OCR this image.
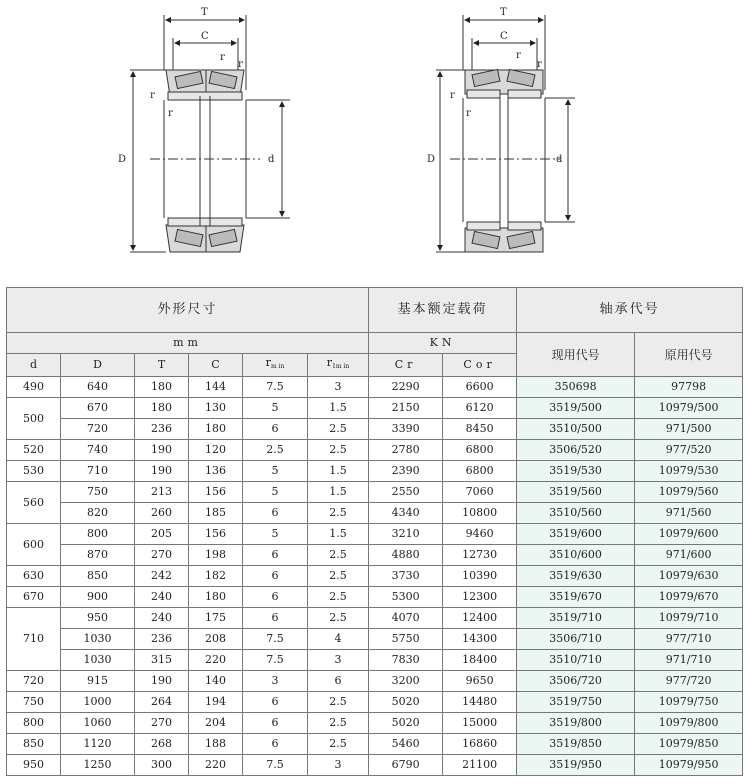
T
C
r
r
r
r
D	d
T
C
r
r
r
r
D	d
外形尺寸						基本额定载荷		轴承代号	
mm						KN		现用代号	原用代号
d	D	T	C	$r_{m in}$	$r_{1m in}$	Cr	Cor		
490	640	180	144	7.5	3	2290	6600	350698	97798
500	670	180	130	5	1.5	2150	6120	3519/500	10979/500
	720	236	180	6	2.5	3390	8450	3510/500	971/500
520	740	190	120	2.5	2.5	2780	6800	3506/520	977/520
530	710	190	136	5	1.5	2390	6800	3519/530	10979/530
560	750	213	156	5	1.5	2550	7060	3519/560	10979/560
	820	260	185	6	2.5	4340	10800	3510/560	971/560
600	800	205	156	5	1.5	3210	9460	3519/600	10979/600
	870	270	198	6	2.5	4880	12730	3510/600	971/600
630	850	242	182	6	2.5	3730	10390	3519/630	10979/630
670	900	240	180	6	2.5	5300	12300	3519/670	10979/670
710	950	240	175	6	2.5	4070	12400	3519/710	10979/710
	1030	236	208	7.5	4	5750	14300	3506/710	977/710
	1030	315	220	7.5	3	7830	18400	3510/710	971/710
720	915	190	140	3	6	3200	9650	3506/720	977/720
750	1000	264	194	6	2.5	5020	14480	3519/750	10979/750
800	1060	270	204	6	2.5	5020	15000	3519/800	10979/800
850	1120	268	188	6	2.5	5460	16860	3519/850	10979/850
950	1250	300	220	7.5	3	6790	21100	3519/950	10979/950
